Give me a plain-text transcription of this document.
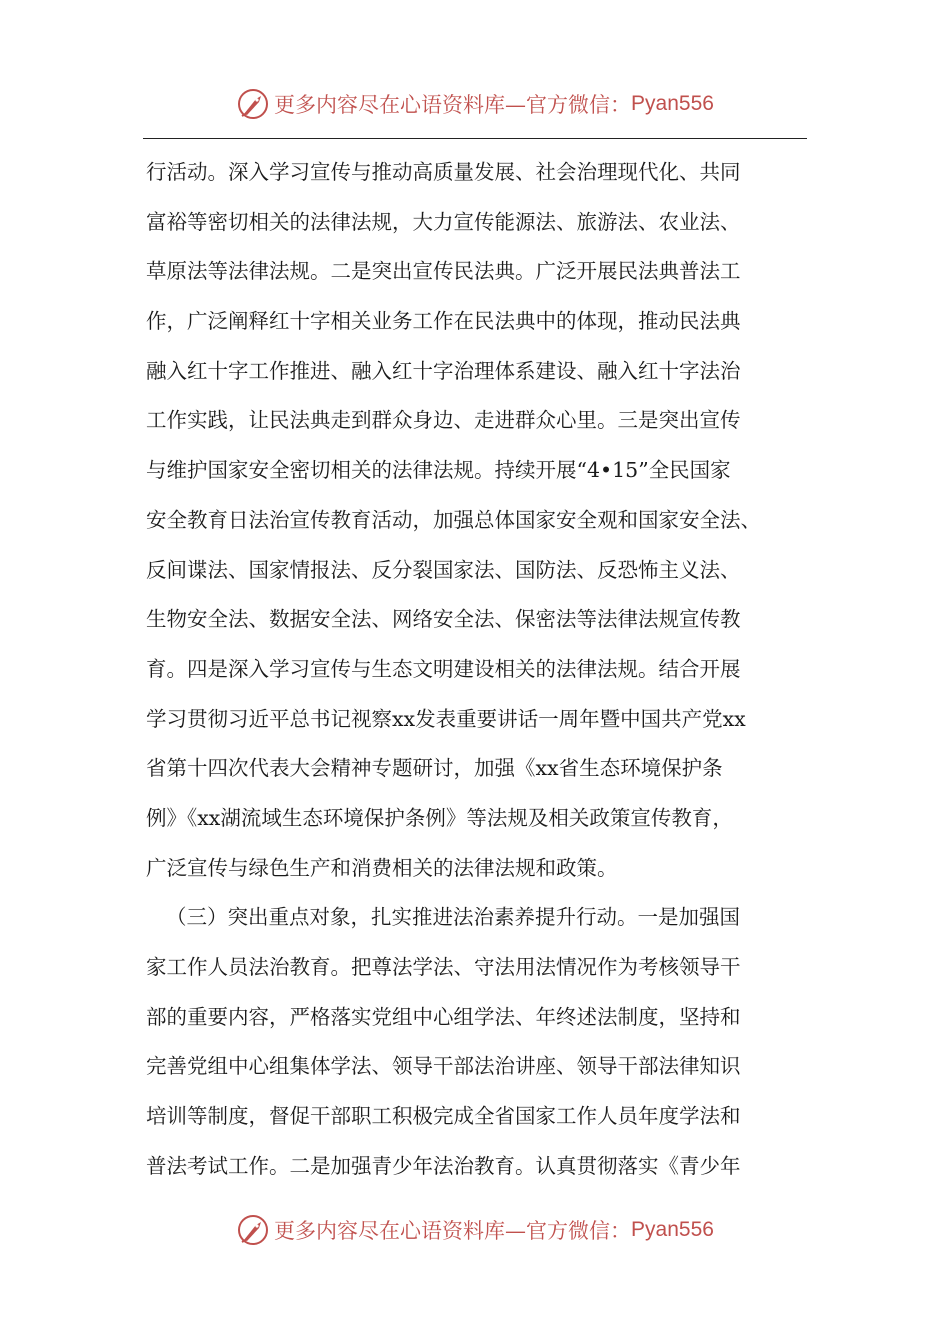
更多内容尽在心语资料库—官方微信： Pyan556
行活动。深入学习宣传与推动高质量发展、社会治理现代化、共同
富裕等密切相关的法律法规，大力宣传能源法、旅游法、农业法、
草原法等法律法规。二是突出宣传民法典。广泛开展民法典普法工
作，广泛阐释红十字相关业务工作在民法典中的体现，推动民法典
融入红十字工作推进、融入红十字治理体系建设、融入红十字法治
工作实践，让民法典走到群众身边、走进群众心里。三是突出宣传
与维护国家安全密切相关的法律法规。持续开展“4•15”全民国家
安全教育日法治宣传教育活动，加强总体国家安全观和国家安全法、
反间谍法、国家情报法、反分裂国家法、国防法、反恐怖主义法、
生物安全法、数据安全法、网络安全法、保密法等法律法规宣传教
育。四是深入学习宣传与生态文明建设相关的法律法规。结合开展
学习贯彻习近平总书记视察xx发表重要讲话一周年暨中国共产党xx
省第十四次代表大会精神专题研讨，加强《xx省生态环境保护条
例》《xx湖流域生态环境保护条例》等法规及相关政策宣传教育，
广泛宣传与绿色生产和消费相关的法律法规和政策。
（三）突出重点对象，扎实推进法治素养提升行动。一是加强国
家工作人员法治教育。把尊法学法、守法用法情况作为考核领导干
部的重要内容，严格落实党组中心组学法、年终述法制度，坚持和
完善党组中心组集体学法、领导干部法治讲座、领导干部法律知识
培训等制度，督促干部职工积极完成全省国家工作人员年度学法和
普法考试工作。二是加强青少年法治教育。认真贯彻落实《青少年
更多内容尽在心语资料库—官方微信： Pyan556
